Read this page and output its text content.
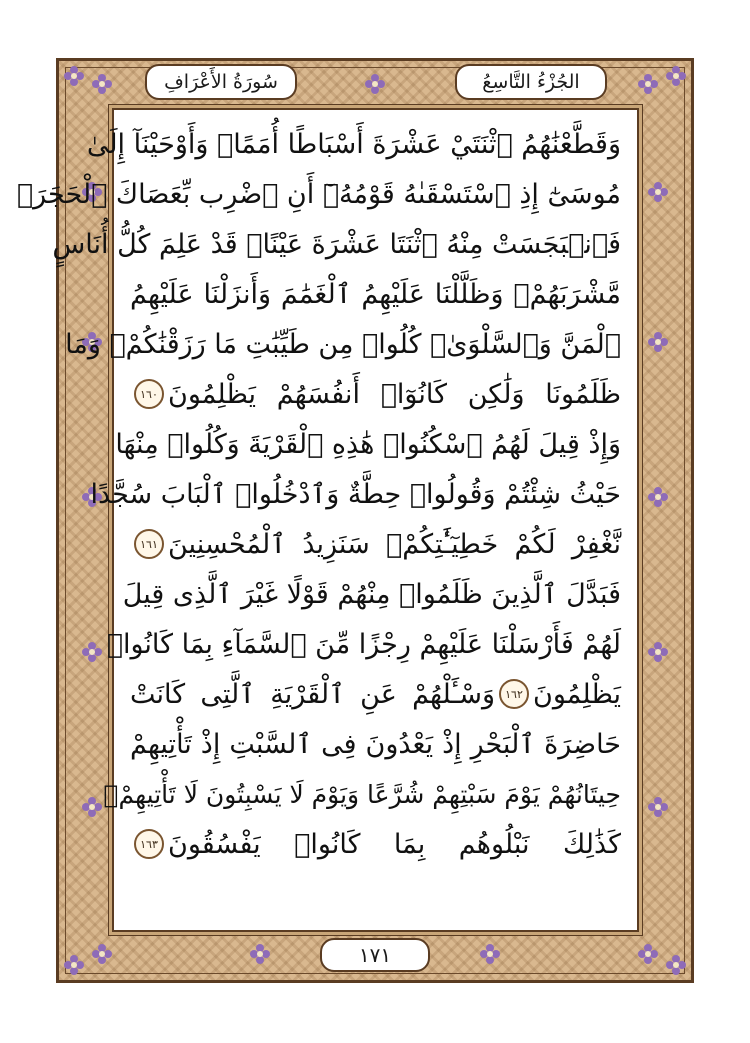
الجُزْءُ التَّاسِعُ
سُورَةُ الأَعْرَافِ
وَقَطَّعْنَٰهُمُ ٱثْنَتَيْ عَشْرَةَ أَسْبَاطًا أُمَمًاۚ وَأَوْحَيْنَآ إِلَىٰ
مُوسَىٰٓ إِذِ ٱسْتَسْقَىٰهُ قَوْمُهُۥٓ أَنِ ٱضْرِب بِّعَصَاكَ ٱلْحَجَرَۖ
فَٱنۢبَجَسَتْ مِنْهُ ٱثْنَتَا عَشْرَةَ عَيْنًاۖ قَدْ عَلِمَ كُلُّ أُنَاسٍ
مَّشْرَبَهُمْۚ وَظَلَّلْنَا عَلَيْهِمُ ٱلْغَمَٰمَ وَأَنزَلْنَا عَلَيْهِمُ
ٱلْمَنَّ وَٱلسَّلْوَىٰۖ كُلُوا۟ مِن طَيِّبَٰتِ مَا رَزَقْنَٰكُمْۚ وَمَا
ظَلَمُونَا وَلَٰكِن كَانُوٓا۟ أَنفُسَهُمْ يَظْلِمُونَ
١٦٠
وَإِذْ قِيلَ لَهُمُ ٱسْكُنُوا۟ هَٰذِهِ ٱلْقَرْيَةَ وَكُلُوا۟ مِنْهَا
حَيْثُ شِئْتُمْ وَقُولُوا۟ حِطَّةٌ وَٱدْخُلُوا۟ ٱلْبَابَ سُجَّدًا
نَّغْفِرْ لَكُمْ خَطِيٓـَٰٔتِكُمْۚ سَنَزِيدُ ٱلْمُحْسِنِينَ
١٦١
فَبَدَّلَ ٱلَّذِينَ ظَلَمُوا۟ مِنْهُمْ قَوْلًا غَيْرَ ٱلَّذِى قِيلَ
لَهُمْ فَأَرْسَلْنَا عَلَيْهِمْ رِجْزًا مِّنَ ٱلسَّمَآءِ بِمَا كَانُوا۟
يَظْلِمُونَ
١٦٢
وَسْـَٔلْهُمْ عَنِ ٱلْقَرْيَةِ ٱلَّتِى كَانَتْ
حَاضِرَةَ ٱلْبَحْرِ إِذْ يَعْدُونَ فِى ٱلسَّبْتِ إِذْ تَأْتِيهِمْ
حِيتَانُهُمْ يَوْمَ سَبْتِهِمْ شُرَّعًا وَيَوْمَ لَا يَسْبِتُونَ لَا تَأْتِيهِمْۚ
كَذَٰلِكَ نَبْلُوهُم بِمَا كَانُوا۟ يَفْسُقُونَ
١٦٣
١٧١
